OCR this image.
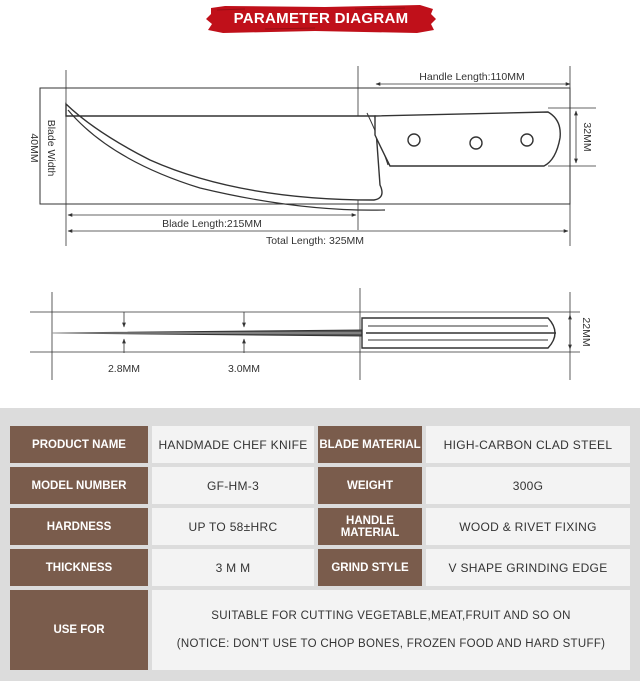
PARAMETER DIAGRAM
Handle Length:110MM
Blade Width
40MM	32MM
Blade Length:215MM
Total Length: 325MM
2.8MM	3.0MM
22MM
PRODUCT NAME	HANDMADE CHEF KNIFE	BLADE MATERIAL	HIGH-CARBON CLAD STEEL
MODEL NUMBER	GF-HM-3	WEIGHT	300G
HARDNESS	UP TO 58±HRC	HANDLE MATERIAL	WOOD & RIVET FIXING
THICKNESS	3 M M	GRIND STYLE	V SHAPE GRINDING EDGE
USE FOR
SUITABLE FOR CUTTING VEGETABLE,MEAT,FRUIT AND SO ON
(NOTICE: DON'T USE TO CHOP BONES, FROZEN FOOD AND HARD STUFF)
